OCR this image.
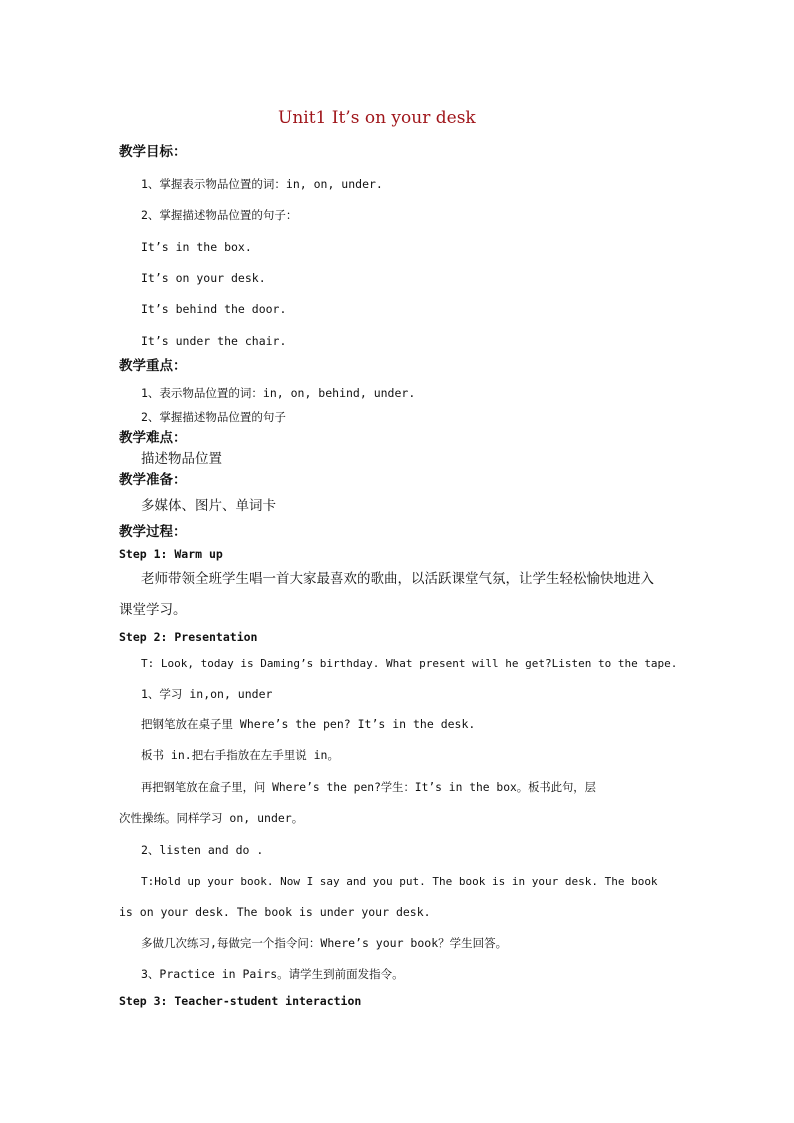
Unit1 It’s on your desk
教学目标：
1、掌握表示物品位置的词：in, on, under.
2、掌握描述物品位置的句子：
It’s in the box.
It’s on your desk.
It’s behind the door.
It’s under the chair.
教学重点：
1、表示物品位置的词：in, on, behind, under.
2、掌握描述物品位置的句子
教学难点：
描述物品位置
教学准备：
多媒体、图片、单词卡
教学过程：
Step 1: Warm up
老师带领全班学生唱一首大家最喜欢的歌曲，以活跃课堂气氛，让学生轻松愉快地进入
课堂学习。
Step 2: Presentation
T: Look, today is Daming’s birthday. What present will he get?Listen to the tape.
1、学习 in,on, under
把钢笔放在桌子里 Where’s the pen? It’s in the desk.
板书 in.把右手指放在左手里说 in。
再把钢笔放在盒子里，问 Where’s the pen?学生：It’s in the box。板书此句，层
次性操练。同样学习 on, under。
2、listen and do .
T:Hold up your book. Now I say and you put. The book is in your desk. The book
is on your desk. The book is under your desk.
多做几次练习,每做完一个指令问：Where’s your book？学生回答。
3、Practice in Pairs。请学生到前面发指令。
Step 3: Teacher-student interaction
